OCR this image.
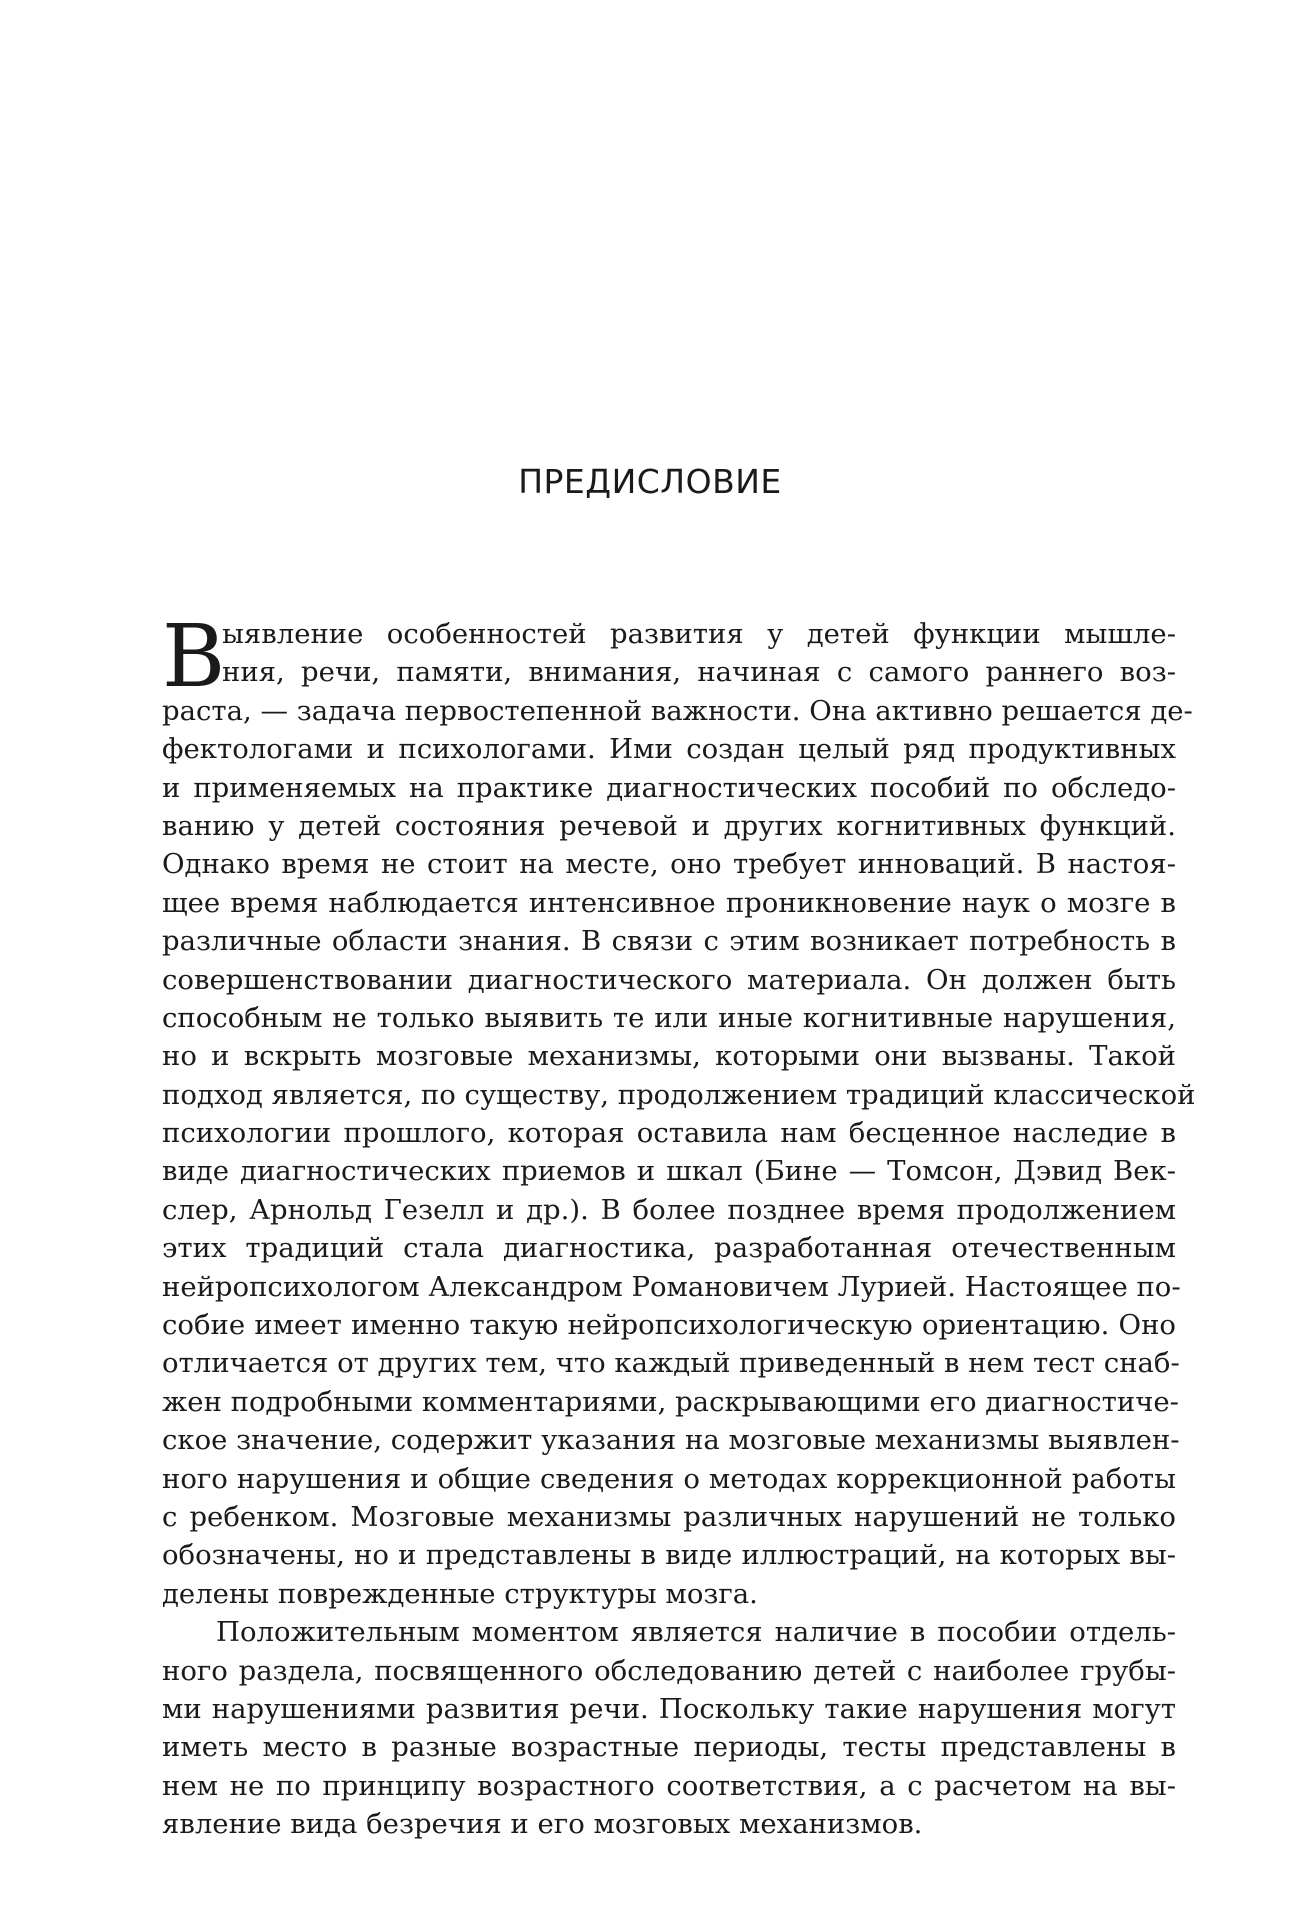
ПРЕДИСЛОВИЕ
В
ыявление особенностей развития у детей функции мышле-
ния, речи, памяти, внимания, начиная с самого раннего воз-
раста, — задача первостепенной важности. Она активно решается де-
фектологами и психологами. Ими создан целый ряд продуктивных
и применяемых на практике диагностических пособий по обследо-
ванию у детей состояния речевой и других когнитивных функций.
Однако время не стоит на месте, оно требует инноваций. В настоя-
щее время наблюдается интенсивное проникновение наук о мозге в
различные области знания. В связи с этим возникает потребность в
совершенствовании диагностического материала. Он должен быть
способным не только выявить те или иные когнитивные нарушения,
но и вскрыть мозговые механизмы, которыми они вызваны. Такой
подход является, по существу, продолжением традиций классической
психологии прошлого, которая оставила нам бесценное наследие в
виде диагностических приемов и шкал (Бине — Томсон, Дэвид Век-
слер, Арнольд Гезелл и др.). В более позднее время продолжением
этих традиций стала диагностика, разработанная отечественным
нейропсихологом Александром Романовичем Лурией. Настоящее по-
собие имеет именно такую нейропсихологическую ориентацию. Оно
отличается от других тем, что каждый приведенный в нем тест снаб-
жен подробными комментариями, раскрывающими его диагностиче-
ское значение, содержит указания на мозговые механизмы выявлен-
ного нарушения и общие сведения о методах коррекционной работы
с ребенком. Мозговые механизмы различных нарушений не только
обозначены, но и представлены в виде иллюстраций, на которых вы-
делены поврежденные структуры мозга.
Положительным моментом является наличие в пособии отдель-
ного раздела, посвященного обследованию детей с наиболее грубы-
ми нарушениями развития речи. Поскольку такие нарушения могут
иметь место в разные возрастные периоды, тесты представлены в
нем не по принципу возрастного соответствия, а с расчетом на вы-
явление вида безречия и его мозговых механизмов.
